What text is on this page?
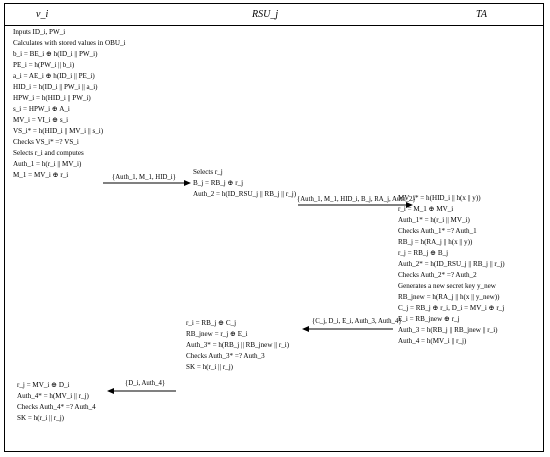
v_i	RSU_j	TA
Inputs ID_i, PW_i
Calculates with stored values in OBU_i
b_i = BE_i ⊕ h(ID_i || PW_i)
PE_i = h(PW_i || b_i)
a_i = AE_i ⊕ h(ID_i || PE_i)
HID_i = h(ID_i || PW_i || a_i)
HPW_i = h(HID_i || PW_i)
s_i = HPW_i ⊕ A_i
MV_i = VI_i ⊕ s_i
VS_i* = h(HID_i || MV_i || s_i)
Checks VS_i* =? VS_i
Selects r_i and computes
Auth_1 = h(r_i || MV_i)
M_1 = MV_i ⊕ r_i	Selects r_j
B_j = RB_j ⊕ r_j
Auth_2 = h(ID_RSU_j || RB_j || r_j)	MV_i* = h(HID_i || h(x || y))
r_i = M_1 ⊕ MV_i
Auth_1* = h(r_i || MV_i)
Checks Auth_1* =? Auth_1
RB_j = h(RA_j || h(x || y))
r_j = RB_j ⊕ B_j
Auth_2* = h(ID_RSU_j || RB_j || r_j)
Checks Auth_2* =? Auth_2
Generates a new secret key y_new
RB_jnew = h(RA_j || h(x || y_new))
C_j = RB_j ⊕ r_i, D_i = MV_i ⊕ r_j
E_i = RB_jnew ⊕ r_j
Auth_3 = h(RB_j || RB_jnew || r_i)
Auth_4 = h(MV_i || r_j)
r_i = RB_j ⊕ C_j
RB_jnew = r_j ⊕ E_i
Auth_3* = h(RB_j || RB_jnew || r_i)
Checks Auth_3* =? Auth_3
SK = h(r_i || r_j)
r_j = MV_i ⊕ D_i
Auth_4* = h(MV_i || r_j)
Checks Auth_4* =? Auth_4
SK = h(r_i || r_j)
{Auth_1, M_1, HID_i}
{Auth_1, M_1, HID_i, B_j, RA_j, Auth_2}
{C_j, D_i, E_i, Auth_3, Auth_4}
{D_i, Auth_4}
